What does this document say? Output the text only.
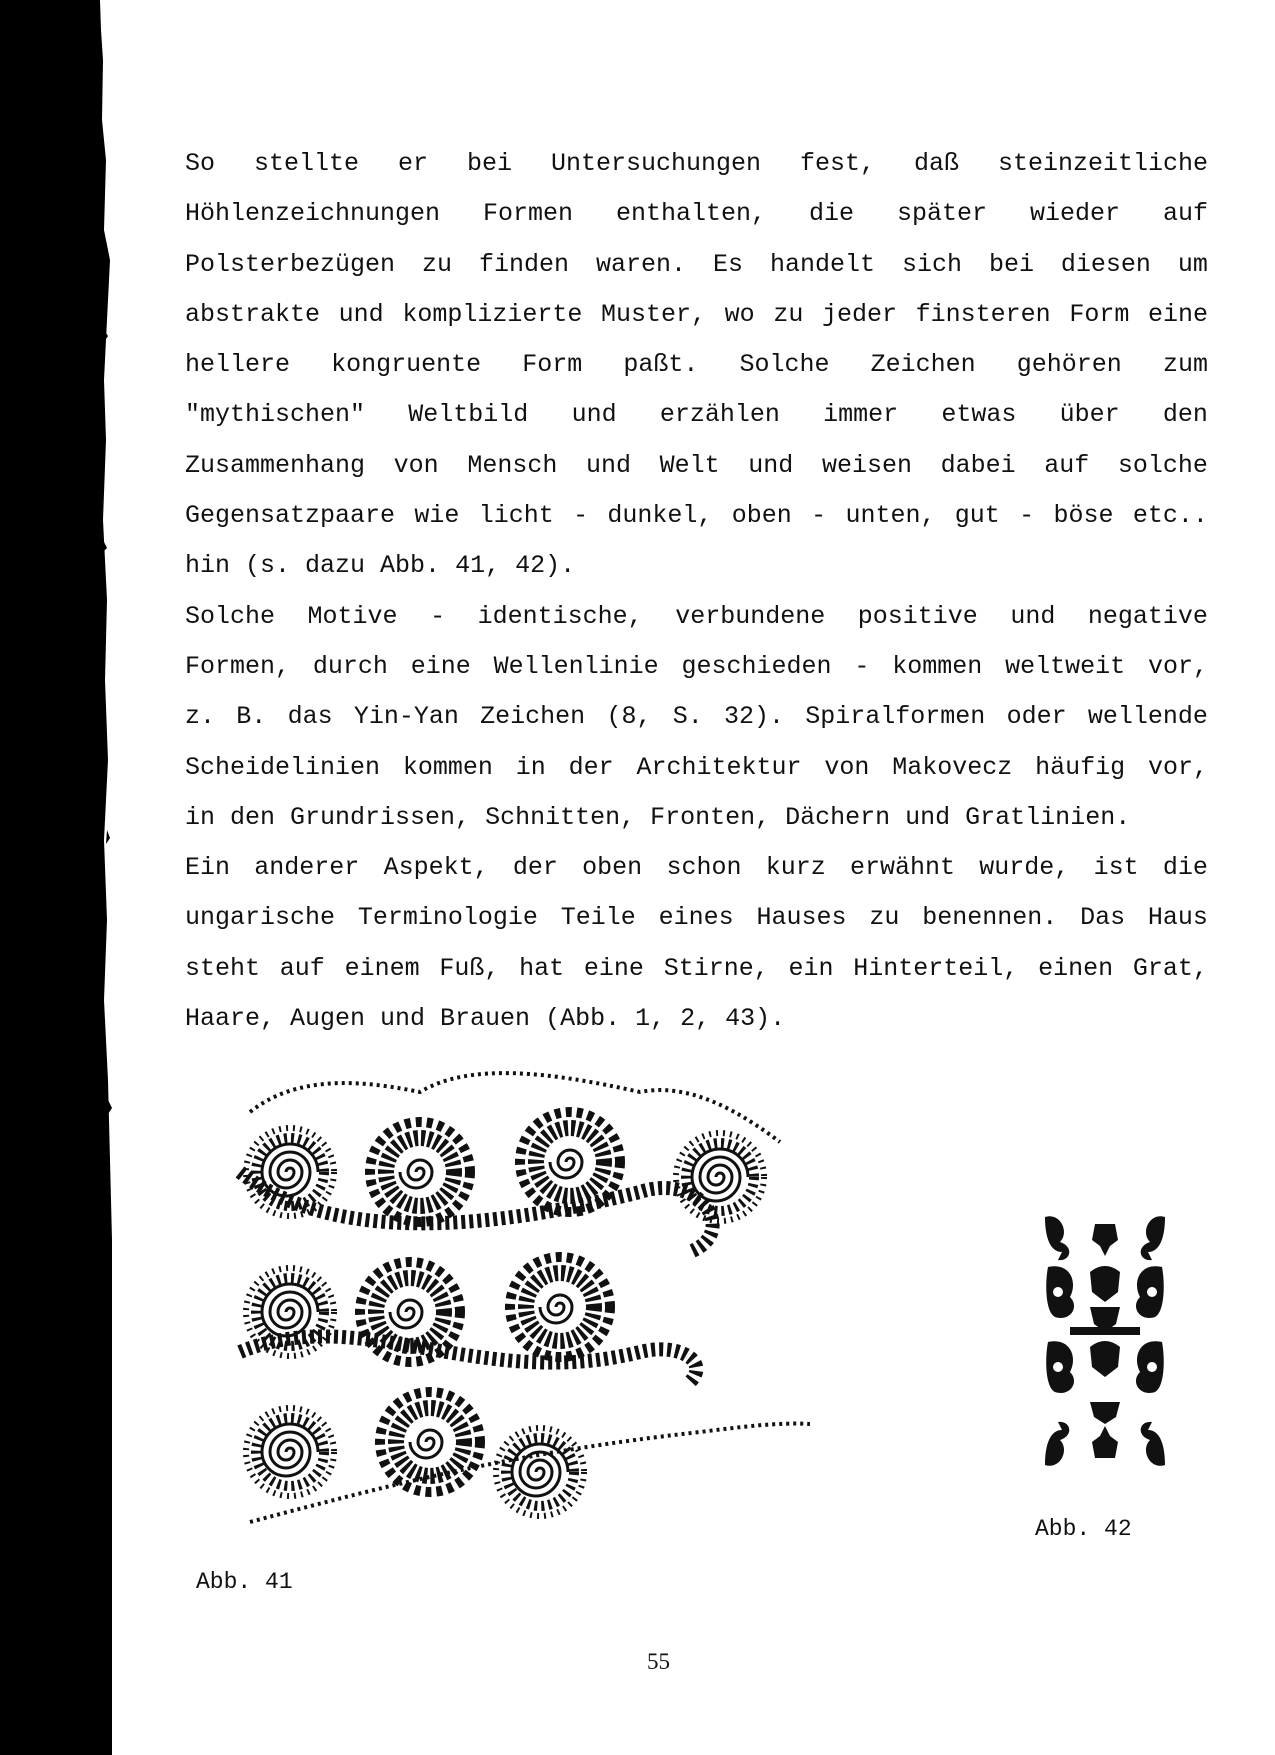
So stellte er bei Untersuchungen fest, daß steinzeitliche
Höhlenzeichnungen Formen enthalten, die später wieder auf
Polsterbezügen zu finden waren. Es handelt sich bei diesen um
abstrakte und komplizierte Muster, wo zu jeder finsteren Form eine
hellere kongruente Form paßt. Solche Zeichen gehören zum
"mythischen" Weltbild und erzählen immer etwas über den
Zusammenhang von Mensch und Welt und weisen dabei auf solche
Gegensatzpaare wie licht - dunkel, oben - unten, gut - böse etc..
hin (s. dazu Abb. 41, 42).
Solche Motive - identische, verbundene positive und negative
Formen, durch eine Wellenlinie geschieden - kommen weltweit vor,
z. B. das Yin-Yan Zeichen (8, S. 32). Spiralformen oder wellende
Scheidelinien kommen in der Architektur von Makovecz häufig vor,
in den Grundrissen, Schnitten, Fronten, Dächern und Gratlinien.
Ein anderer Aspekt, der oben schon kurz erwähnt wurde, ist die
ungarische Terminologie Teile eines Hauses zu benennen. Das Haus
steht auf einem Fuß, hat eine Stirne, ein Hinterteil, einen Grat,
Haare, Augen und Brauen (Abb. 1, 2, 43).
Abb. 41
Abb. 42
55
